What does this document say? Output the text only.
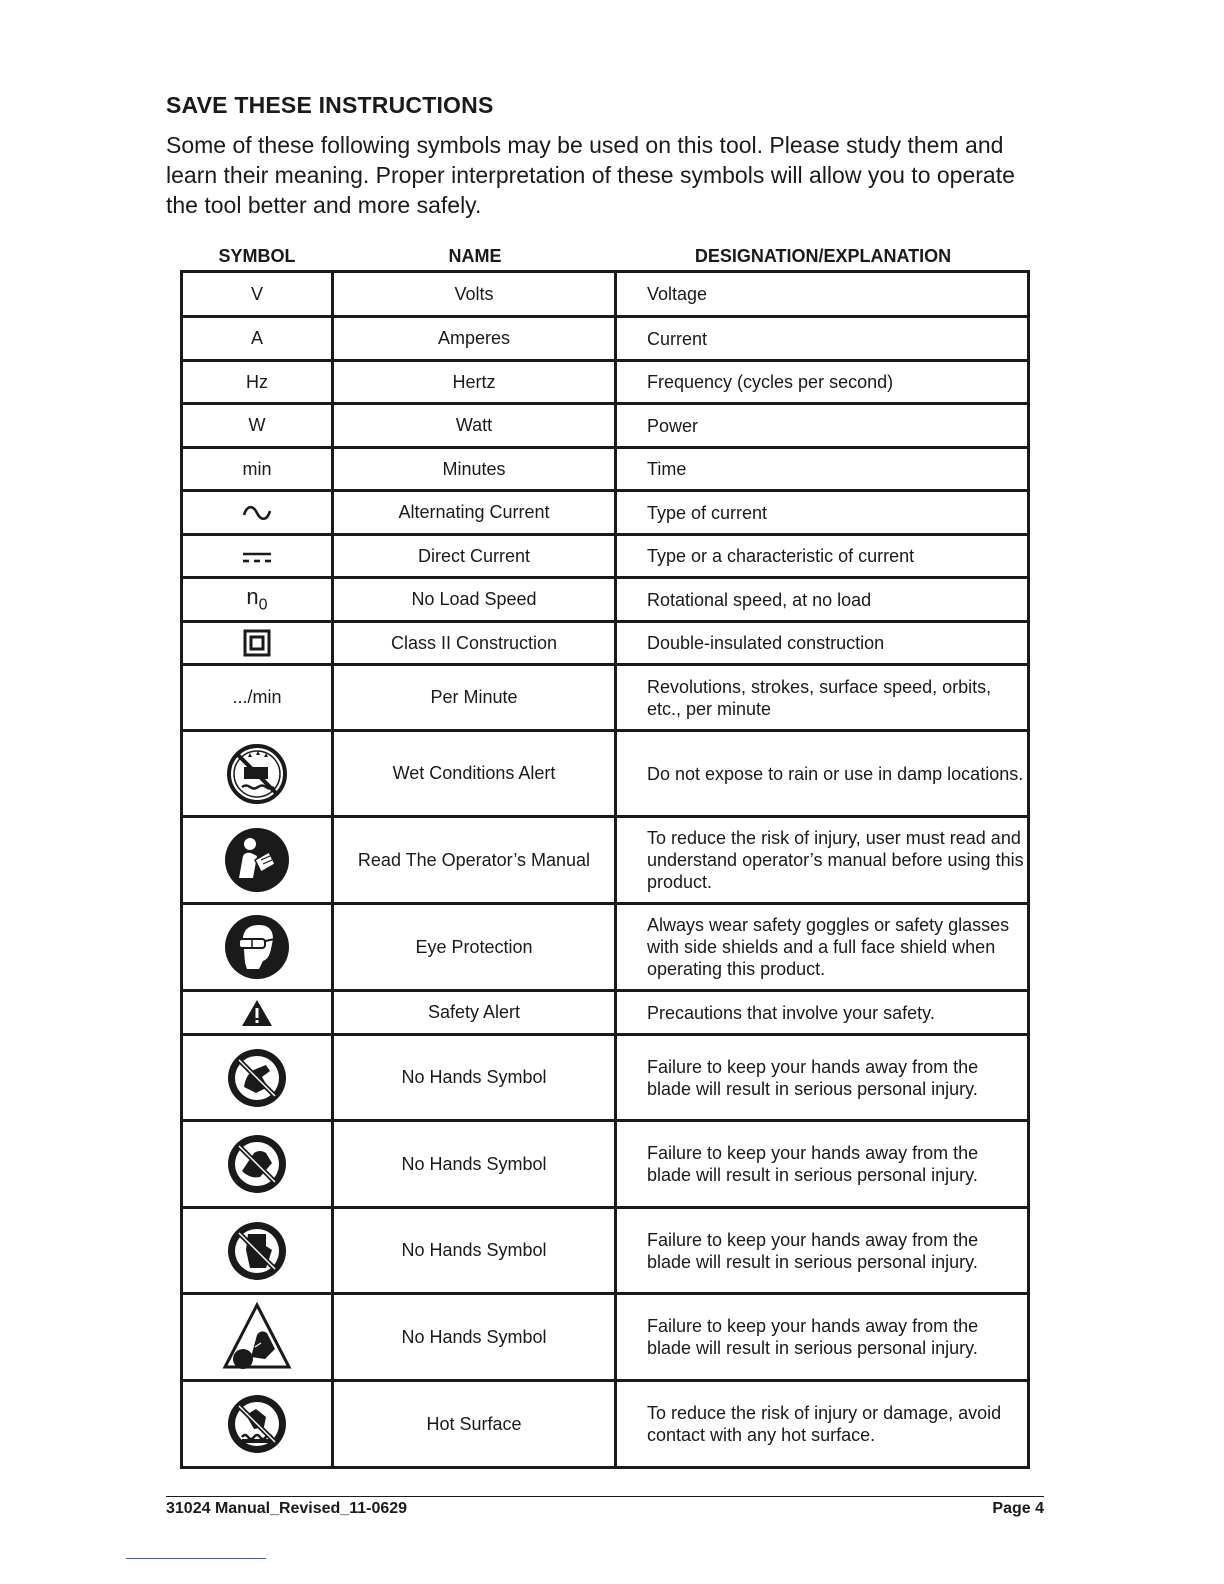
SAVE THESE INSTRUCTIONS
Some of these following symbols may be used on this tool. Please study them and learn their meaning. Proper interpretation of these symbols will allow you to operate the tool better and more safely.
SYMBOL	NAME	DESIGNATION/EXPLANATION
V	Volts	Voltage
A	Amperes	Current
Hz	Hertz	Frequency (cycles per second)
W	Watt	Power
min	Minutes	Time
	Alternating Current	Type of current
	Direct Current	Type or a characteristic of current
$n_0$	No Load Speed	Rotational speed, at no load
	Class II Construction	Double-insulated construction
.../min	Per Minute	Revolutions, strokes, surface speed, orbits, etc., per minute
	Wet Conditions Alert	Do not expose to rain or use in damp locations.
	Read The Operator’s Manual	To reduce the risk of injury, user must read and understand operator’s manual before using this product.
	Eye Protection	Always wear safety goggles or safety glasses with side shields and a full face shield when operating this product.
	Safety Alert	Precautions that involve your safety.
	No Hands Symbol	Failure to keep your hands away from the blade will result in serious personal injury.
	No Hands Symbol	Failure to keep your hands away from the blade will result in serious personal injury.
	No Hands Symbol	Failure to keep your hands away from the blade will result in serious personal injury.
	No Hands Symbol	Failure to keep your hands away from the blade will result in serious personal injury.
	Hot Surface	To reduce the risk of injury or damage, avoid contact with any hot surface.
31024 Manual_Revised_11-0629	Page 4
